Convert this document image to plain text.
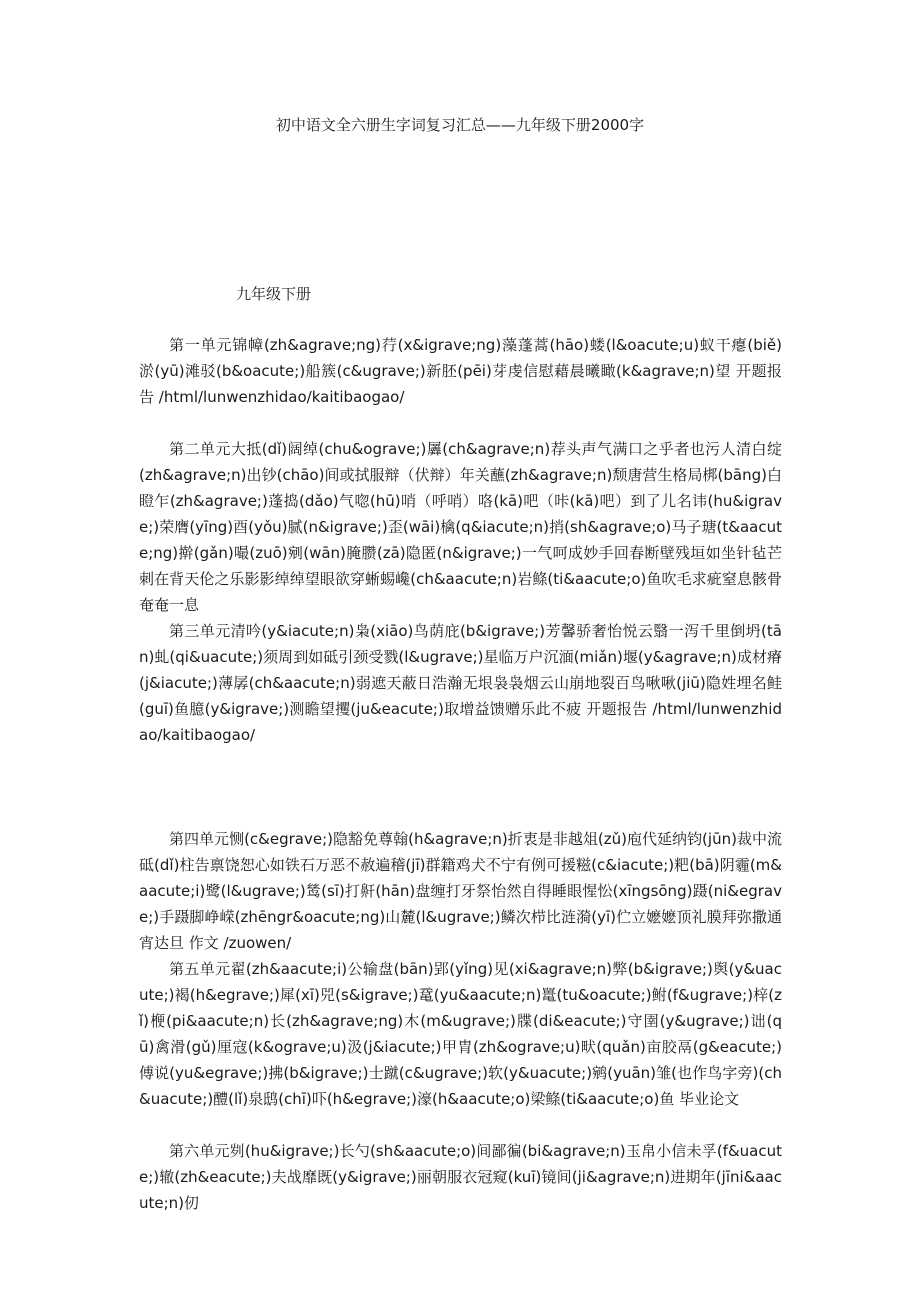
初中语文全六册生字词复习汇总——九年级下册2000字
九年级下册

第一单元锦幛(zh&agrave;ng)荇(x&igrave;ng)藻蓬蒿(hāo)蝼(l&oacute;u)蚁干瘪(biě)淤(yū)滩驳(b&oacute;)船簇(c&ugrave;)新胚(pēi)芽虔信慰藉晨曦瞰(k&agrave;n)望 开题报告 /html/lunwenzhidao/kaitibaogao/

第二单元大抵(dǐ)阔绰(chu&ograve;)羼(ch&agrave;n)荐头声气满口之乎者也污人清白绽(zh&agrave;n)出钞(chāo)间或拭服辩（伏辩）年关蘸(zh&agrave;n)颓唐营生格局梆(bāng)白瞪乍(zh&agrave;)蓬捣(dǎo)气唿(hū)哨（呼哨）咯(kā)吧（咔(kā)吧）到了儿名讳(hu&igrave;)荣膺(yīng)酉(yǒu)腻(n&igrave;)歪(wāi)檎(q&iacute;n)捎(sh&agrave;o)马子瑭(t&aacute;ng)擀(gǎn)嘬(zuō)剜(wān)腌臜(zā)隐匿(n&igrave;)一气呵成妙手回春断壁残垣如坐针毡芒刺在背天伦之乐影影绰绰望眼欲穿蜥蜴巉(ch&aacute;n)岩鲦(ti&aacute;o)鱼吹毛求疵窒息骸骨奄奄一息

第三单元清吟(y&iacute;n)枭(xiāo)鸟荫庇(b&igrave;)芳馨骄奢怡悦云翳一泻千里倒坍(tān)虬(qi&uacute;)须周到如砥引颈受戮(l&ugrave;)星临万户沉湎(miǎn)堰(y&agrave;n)成材瘠(j&iacute;)薄孱(ch&aacute;n)弱遮天蔽日浩瀚无垠袅袅烟云山崩地裂百鸟啾啾(jiū)隐姓埋名鲑(guī)鱼臆(y&igrave;)测瞻望攫(ju&eacute;)取增益馈赠乐此不疲 开题报告 /html/lunwenzhidao/kaitibaogao/

第四单元恻(c&egrave;)隐豁免尊翰(h&agrave;n)折衷是非越俎(zǔ)庖代延纳钧(jūn)裁中流砥(dǐ)柱告禀饶恕心如铁石万恶不赦遍稽(jī)群籍鸡犬不宁有例可援糍(c&iacute;)粑(bā)阴霾(m&aacute;i)鹭(l&ugrave;)鸶(sī)打鼾(hān)盘缠打牙祭怡然自得睡眼惺忪(xīngsōng)蹑(ni&egrave;)手蹑脚峥嵘(zhēngr&oacute;ng)山麓(l&ugrave;)鳞次栉比涟漪(yī)伫立嬷嬷顶礼膜拜弥撒通宵达旦 作文 /zuowen/

第五单元翟(zh&aacute;i)公输盘(bān)郢(yǐng)见(xi&agrave;n)弊(b&igrave;)舆(y&uacute;)褐(h&egrave;)犀(xī)兕(s&igrave;)鼋(yu&aacute;n)鼍(tu&oacute;)鲋(f&ugrave;)梓(zǐ)楩(pi&aacute;n)长(zh&agrave;ng)木(m&ugrave;)牒(di&eacute;)守圉(y&ugrave;)诎(qū)禽滑(gǔ)厘寇(k&ograve;u)汲(j&iacute;)甲胄(zh&ograve;u)畎(quǎn)亩胶鬲(g&eacute;)傅说(yu&egrave;)拂(b&igrave;)士蹴(c&ugrave;)软(y&uacute;)鹓(yuān)雏(也作鸟字旁)(ch&uacute;)醴(lǐ)泉鸱(chī)吓(h&egrave;)濠(h&aacute;o)梁鲦(ti&aacute;o)鱼 毕业论文

第六单元刿(hu&igrave;)长勺(sh&aacute;o)间鄙徧(bi&agrave;n)玉帛小信未孚(f&uacute;)辙(zh&eacute;)夫战靡既(y&igrave;)丽朝服衣冠窥(kuī)镜间(ji&agrave;n)进期年(jīni&aacute;n)仞
